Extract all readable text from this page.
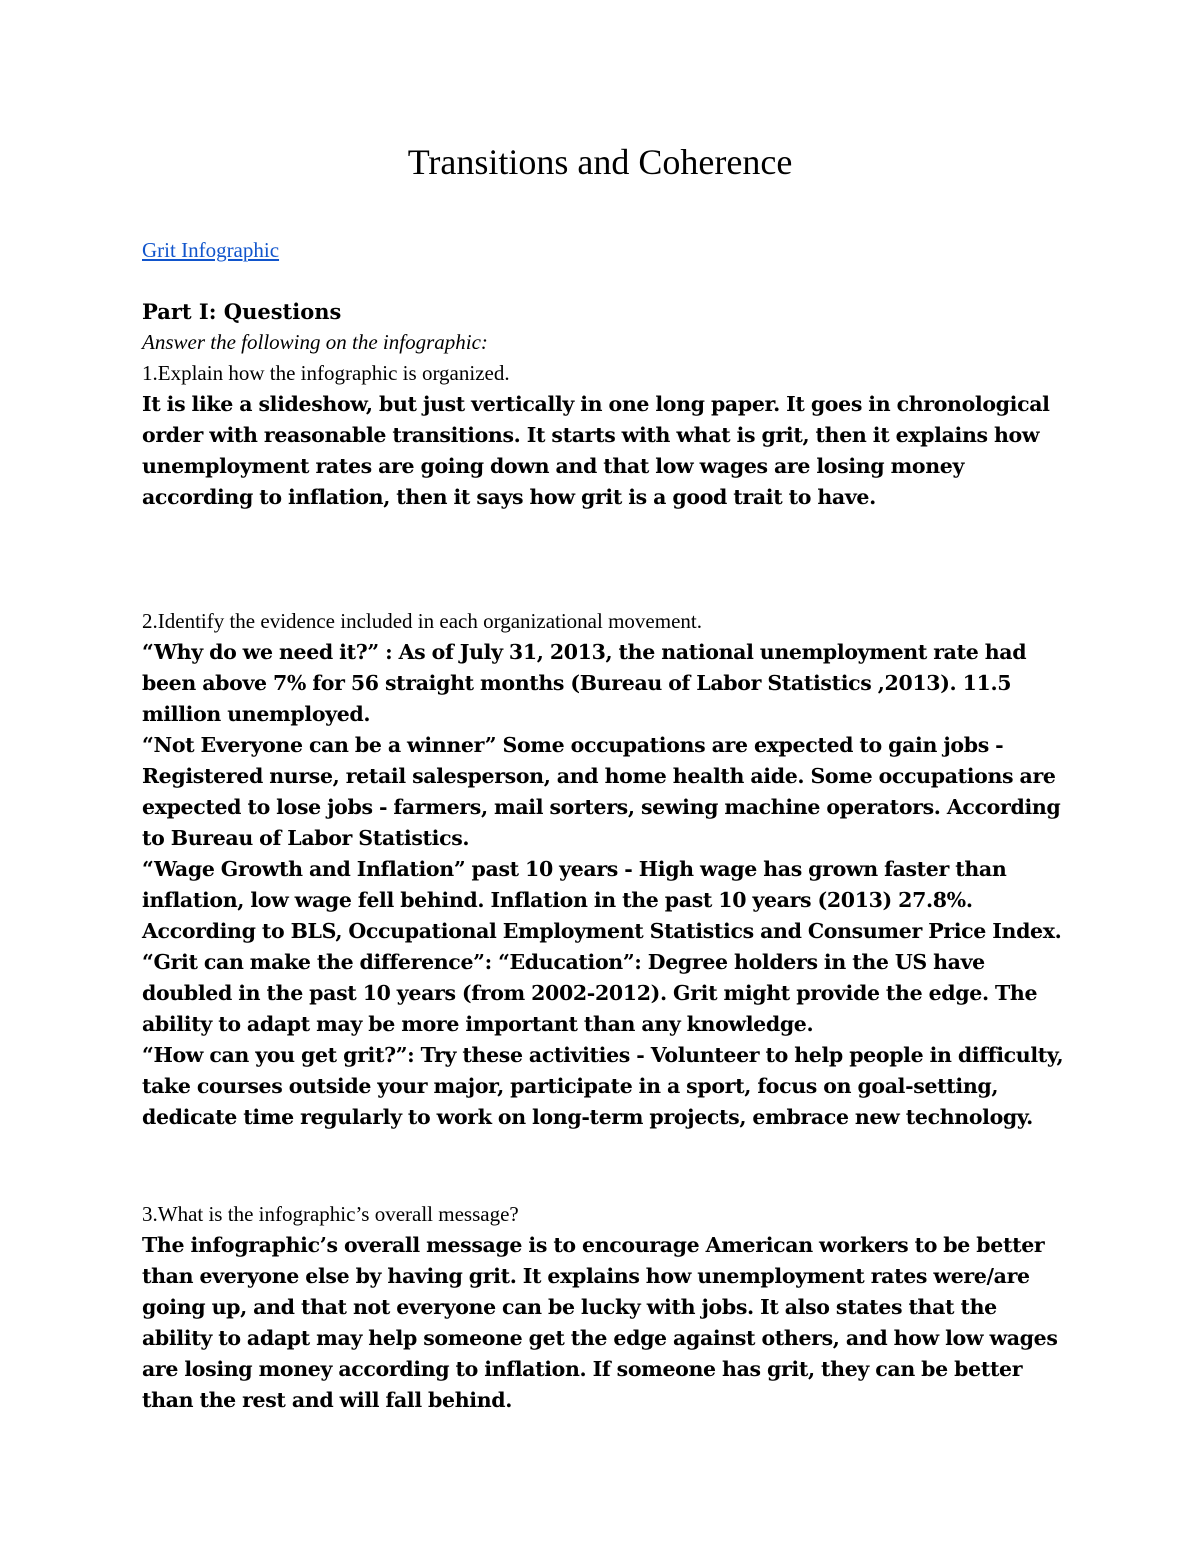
Transitions and Coherence
Grit Infographic
Part I: Questions
Answer the following on the infographic:
1.Explain how the infographic is organized.
It is like a slideshow, but just vertically in one long paper. It goes in chronological order with reasonable transitions. It starts with what is grit, then it explains how unemployment rates are going down and that low wages are losing money according to inflation, then it says how grit is a good trait to have.
2.Identify the evidence included in each organizational movement.
“Why do we need it?” : As of July 31, 2013, the national unemployment rate had been above 7% for 56 straight months (Bureau of Labor Statistics ,2013). 11.5 million unemployed.
“Not Everyone can be a winner” Some occupations are expected to gain jobs - Registered nurse, retail salesperson, and home health aide. Some occupations are expected to lose jobs - farmers, mail sorters, sewing machine operators. According to Bureau of Labor Statistics.
“Wage Growth and Inflation” past 10 years - High wage has grown faster than inflation, low wage fell behind. Inflation in the past 10 years (2013) 27.8%. According to BLS, Occupational Employment Statistics and Consumer Price Index.
“Grit can make the difference”: “Education”: Degree holders in the US have doubled in the past 10 years (from 2002-2012). Grit might provide the edge. The ability to adapt may be more important than any knowledge.
“How can you get grit?”: Try these activities - Volunteer to help people in difficulty, take courses outside your major, participate in a sport, focus on goal-setting, dedicate time regularly to work on long-term projects, embrace new technology.
3.What is the infographic’s overall message?
The infographic’s overall message is to encourage American workers to be better than everyone else by having grit. It explains how unemployment rates were/are going up, and that not everyone can be lucky with jobs. It also states that the ability to adapt may help someone get the edge against others, and how low wages are losing money according to inflation. If someone has grit, they can be better than the rest and will fall behind.
